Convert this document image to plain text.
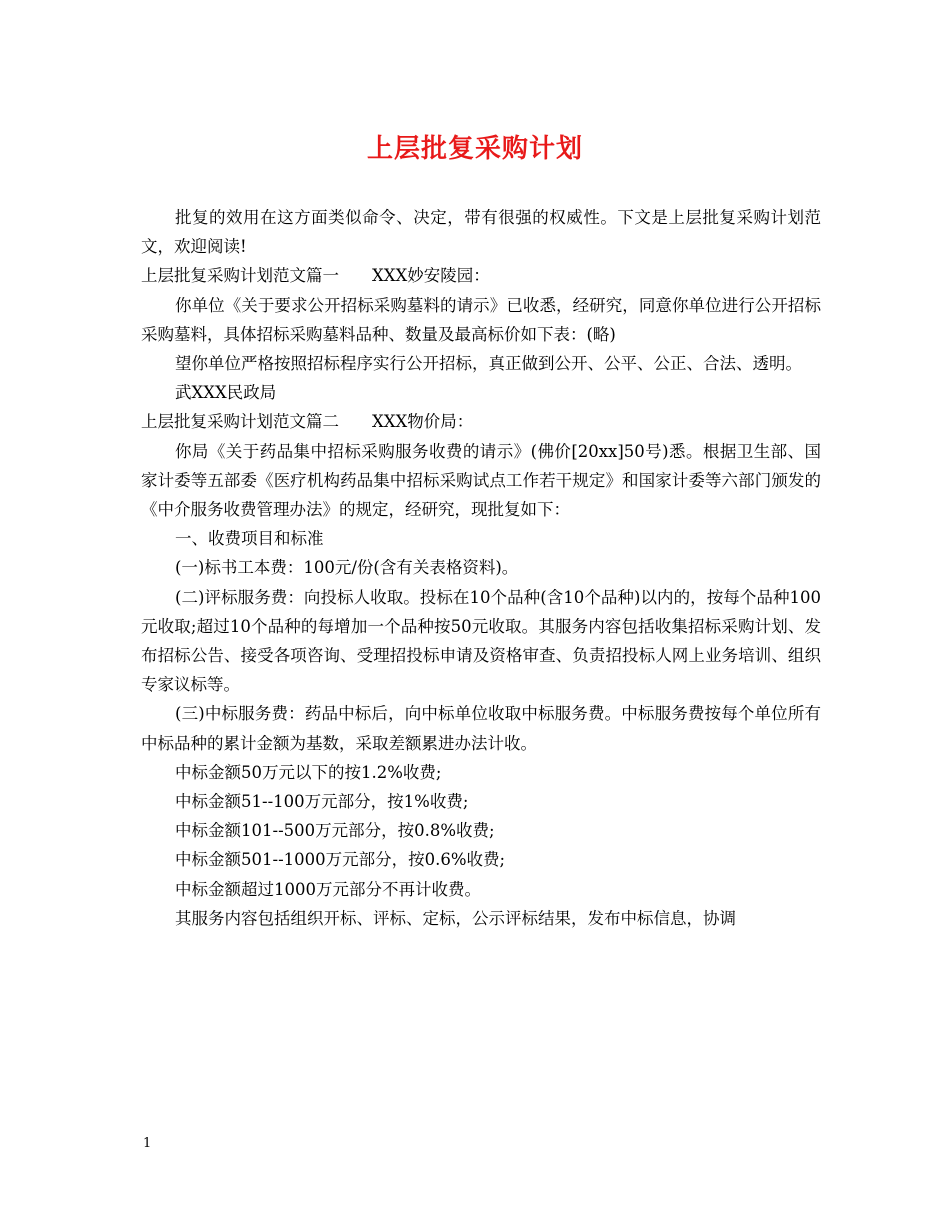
上层批复采购计划

批复的效用在这方面类似命令、决定，带有很强的权威性。下文是上层批复采购计划范文，欢迎阅读!

上层批复采购计划范文篇一　　XXX妙安陵园：

你单位《关于要求公开招标采购墓料的请示》已收悉，经研究，同意你单位进行公开招标采购墓料，具体招标采购墓料品种、数量及最高标价如下表：(略)

望你单位严格按照招标程序实行公开招标，真正做到公开、公平、公正、合法、透明。

武XXX民政局

上层批复采购计划范文篇二　　XXX物价局：

你局《关于药品集中招标采购服务收费的请示》(佛价[20xx]50号)悉。根据卫生部、国家计委等五部委《医疗机构药品集中招标采购试点工作若干规定》和国家计委等六部门颁发的《中介服务收费管理办法》的规定，经研究，现批复如下：

一、收费项目和标准

(一)标书工本费：100元/份(含有关表格资料)。

(二)评标服务费：向投标人收取。投标在10个品种(含10个品种)以内的，按每个品种100元收取;超过10个品种的每增加一个品种按50元收取。其服务内容包括收集招标采购计划、发布招标公告、接受各项咨询、受理招投标申请及资格审查、负责招投标人网上业务培训、组织专家议标等。

(三)中标服务费：药品中标后，向中标单位收取中标服务费。中标服务费按每个单位所有中标品种的累计金额为基数，采取差额累进办法计收。

中标金额50万元以下的按1.2%收费;

中标金额51--100万元部分，按1%收费;

中标金额101--500万元部分，按0.8%收费;

中标金额501--1000万元部分，按0.6%收费;

中标金额超过1000万元部分不再计收费。

其服务内容包括组织开标、评标、定标，公示评标结果，发布中标信息，协调

1
